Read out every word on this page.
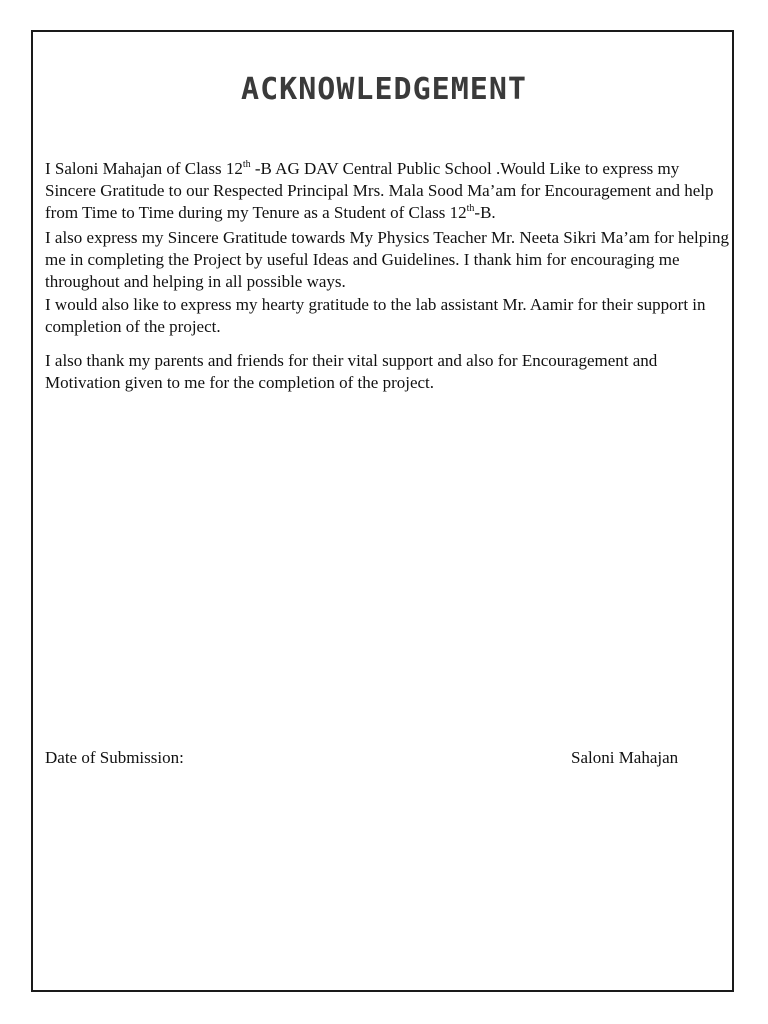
ACKNOWLEDGEMENT

I Saloni Mahajan of Class 12th -B AG DAV Central Public School .Would Like to express my Sincere Gratitude to our Respected Principal Mrs. Mala Sood Ma’am for Encouragement and help from Time to Time during my Tenure as a Student of Class 12th-B.

I also express my Sincere Gratitude towards My Physics Teacher Mr. Neeta Sikri Ma’am for helping me in completing the Project by useful Ideas and Guidelines. I thank him for encouraging me throughout and helping in all possible ways.

I would also like to express my hearty gratitude to the lab assistant Mr. Aamir for their support in completion of the project.

I also thank my parents and friends for their vital support and also for Encouragement and Motivation given to me for the completion of the project.

Date of Submission:	Saloni Mahajan
